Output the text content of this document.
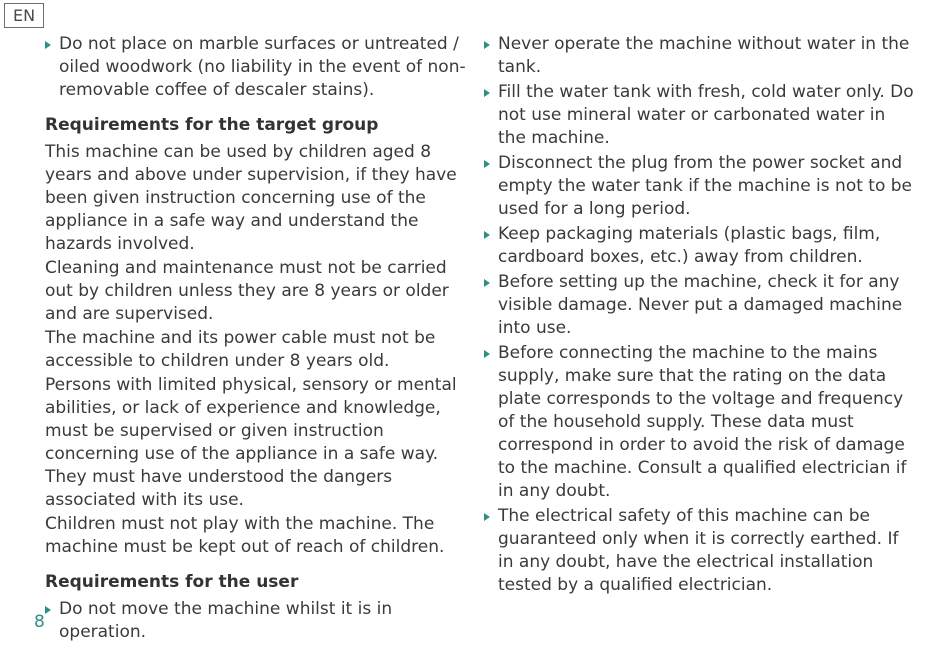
EN
Do not place on marble surfaces or untreated / oiled woodwork (no liability in the event of non-removable coffee of descaler stains).
Requirements for the target group

This machine can be used by children aged 8 years and above under supervision, if they have been given instruction concerning use of the appliance in a safe way and understand the hazards involved.

Cleaning and maintenance must not be carried out by children unless they are 8 years or older and are supervised.

The machine and its power cable must not be accessible to children under 8 years old.

Persons with limited physical, sensory or mental abilities, or lack of experience and knowledge, must be supervised or given instruction concerning use of the appliance in a safe way. They must have understood the dangers associated with its use.

Children must not play with the machine. The machine must be kept out of reach of children.

Requirements for the user
Do not move the machine whilst it is in operation.
Never operate the machine without water in the tank.
Fill the water tank with fresh, cold water only. Do not use mineral water or carbonated water in the machine.
Disconnect the plug from the power socket and empty the water tank if the machine is not to be used for a long period.
Keep packaging materials (plastic bags, film, cardboard boxes, etc.) away from children.
Before setting up the machine, check it for any visible damage. Never put a damaged machine into use.
Before connecting the machine to the mains supply, make sure that the rating on the data plate corresponds to the voltage and frequency of the household supply. These data must correspond in order to avoid the risk of damage to the machine. Consult a qualified electrician if in any doubt.
The electrical safety of this machine can be guaranteed only when it is correctly earthed. If in any doubt, have the electrical installation tested by a qualified electrician.
8
